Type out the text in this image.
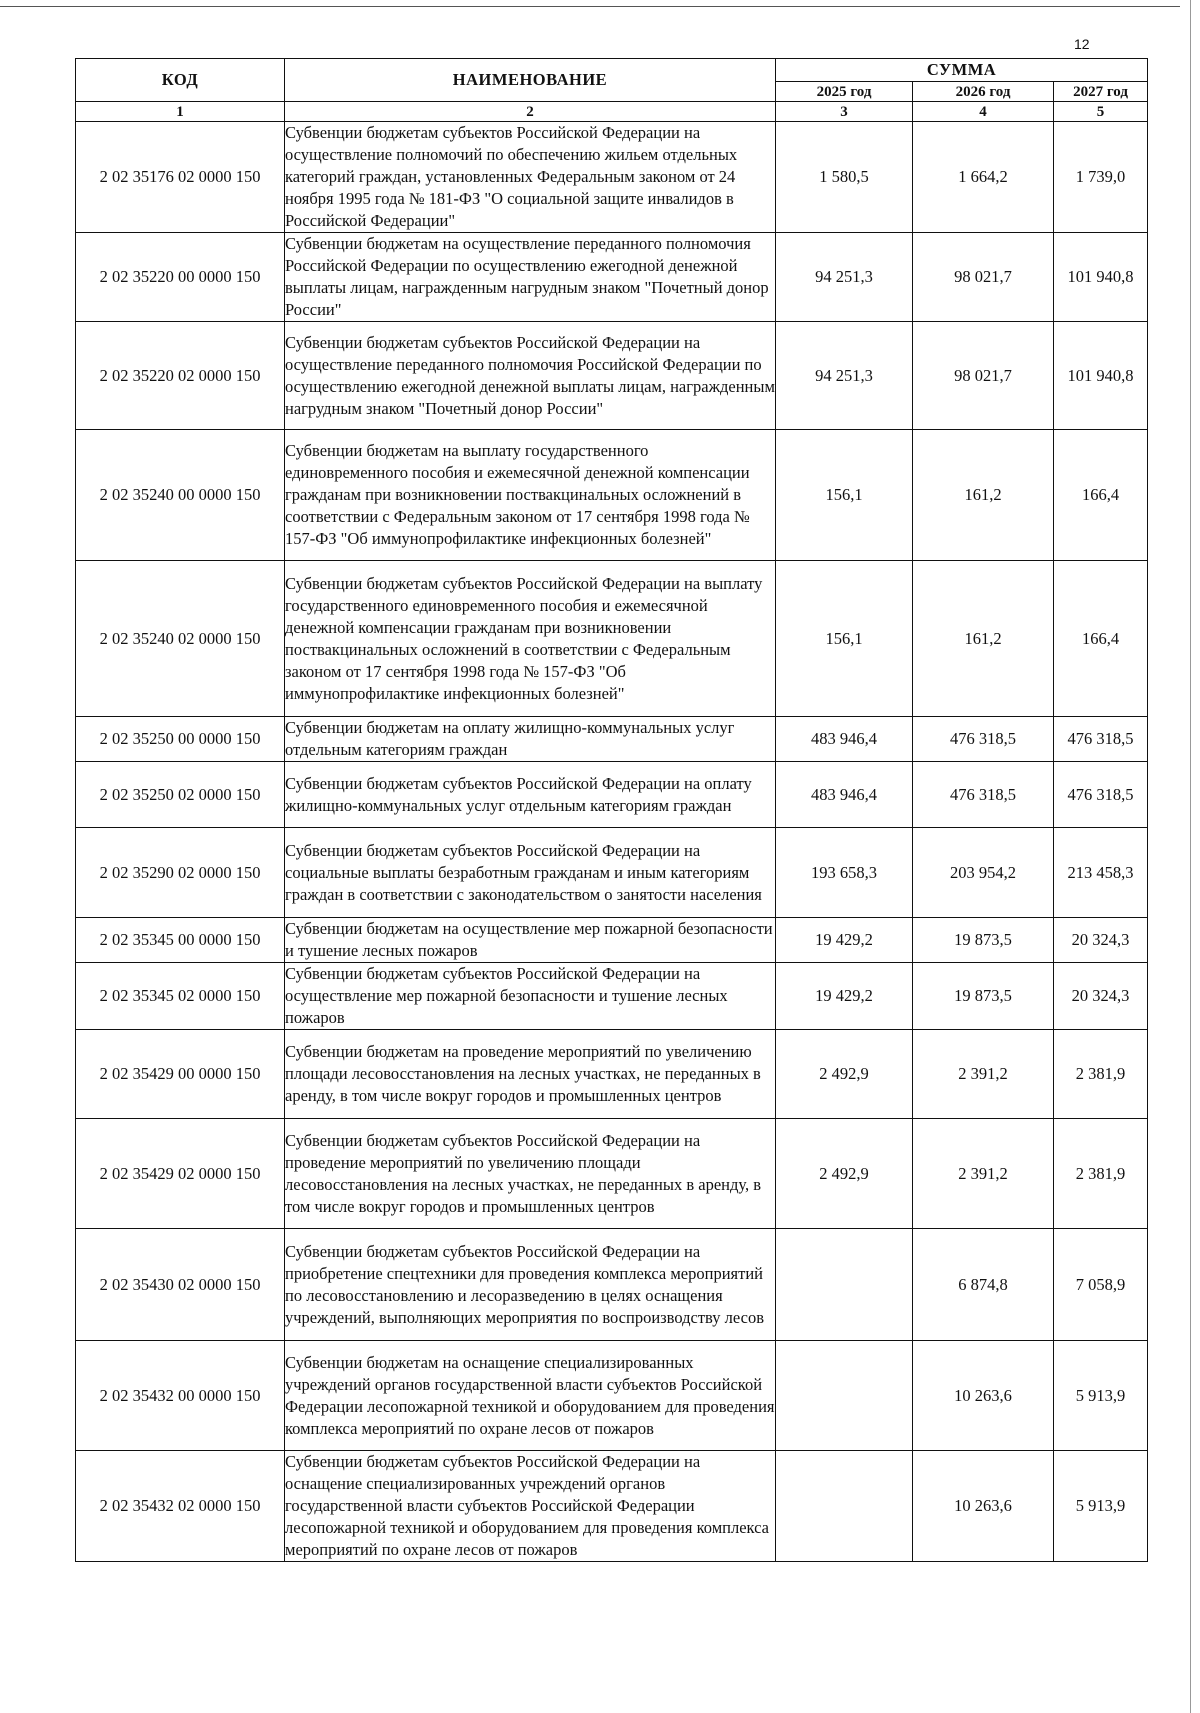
12
КОД	НАИМЕНОВАНИЕ	СУММА		
		2025 год	2026 год	2027 год
1	2	3	4	5
2 02 35176 02 0000 150	Субвенции бюджетам субъектов Российской Федерации на осуществление полномочий по обеспечению жильем отдельных категорий граждан, установленных Федеральным законом от 24 ноября 1995 года № 181-ФЗ "О социальной защите инвалидов в Российской Федерации"	1 580,5	1 664,2	1 739,0
2 02 35220 00 0000 150	Субвенции бюджетам на осуществление переданного полномочия Российской Федерации по осуществлению ежегодной денежной выплаты лицам, награжденным нагрудным знаком "Почетный донор России"	94 251,3	98 021,7	101 940,8
2 02 35220 02 0000 150	Субвенции бюджетам субъектов Российской Федерации на осуществление переданного полномочия Российской Федерации по осуществлению ежегодной денежной выплаты лицам, награжденным нагрудным знаком "Почетный донор России"	94 251,3	98 021,7	101 940,8
2 02 35240 00 0000 150	Субвенции бюджетам на выплату государственного единовременного пособия и ежемесячной денежной компенсации гражданам при возникновении поствакцинальных осложнений в соответствии с Федеральным законом от 17 сентября 1998 года № 157-ФЗ "Об иммунопрофилактике инфекционных болезней"	156,1	161,2	166,4
2 02 35240 02 0000 150	Субвенции бюджетам субъектов Российской Федерации на выплату государственного единовременного пособия и ежемесячной денежной компенсации гражданам при возникновении поствакцинальных осложнений в соответствии с Федеральным законом от 17 сентября 1998 года № 157-ФЗ "Об иммунопрофилактике инфекционных болезней"	156,1	161,2	166,4
2 02 35250 00 0000 150	Субвенции бюджетам на оплату жилищно-коммунальных услуг отдельным категориям граждан	483 946,4	476 318,5	476 318,5
2 02 35250 02 0000 150	Субвенции бюджетам субъектов Российской Федерации на оплату жилищно-коммунальных услуг отдельным категориям граждан	483 946,4	476 318,5	476 318,5
2 02 35290 02 0000 150	Субвенции бюджетам субъектов Российской Федерации на социальные выплаты безработным гражданам и иным категориям граждан в соответствии с законодательством о занятости населения	193 658,3	203 954,2	213 458,3
2 02 35345 00 0000 150	Субвенции бюджетам на осуществление мер пожарной безопасности и тушение лесных пожаров	19 429,2	19 873,5	20 324,3
2 02 35345 02 0000 150	Субвенции бюджетам субъектов Российской Федерации на осуществление мер пожарной безопасности и тушение лесных пожаров	19 429,2	19 873,5	20 324,3
2 02 35429 00 0000 150	Субвенции бюджетам на проведение мероприятий по увеличению площади лесовосстановления на лесных участках, не переданных в аренду, в том числе вокруг городов и промышленных центров	2 492,9	2 391,2	2 381,9
2 02 35429 02 0000 150	Субвенции бюджетам субъектов Российской Федерации на проведение мероприятий по увеличению площади лесовосстановления на лесных участках, не переданных в аренду, в том числе вокруг городов и промышленных центров	2 492,9	2 391,2	2 381,9
2 02 35430 02 0000 150	Субвенции бюджетам субъектов Российской Федерации на приобретение спецтехники для проведения комплекса мероприятий по лесовосстановлению и лесоразведению в целях оснащения учреждений, выполняющих мероприятия по воспроизводству лесов		6 874,8	7 058,9
2 02 35432 00 0000 150	Субвенции бюджетам на оснащение специализированных учреждений органов государственной власти субъектов Российской Федерации лесопожарной техникой и оборудованием для проведения комплекса мероприятий по охране лесов от пожаров		10 263,6	5 913,9
2 02 35432 02 0000 150	Субвенции бюджетам субъектов Российской Федерации на оснащение специализированных учреждений органов государственной власти субъектов Российской Федерации лесопожарной техникой и оборудованием для проведения комплекса мероприятий по охране лесов от пожаров		10 263,6	5 913,9
